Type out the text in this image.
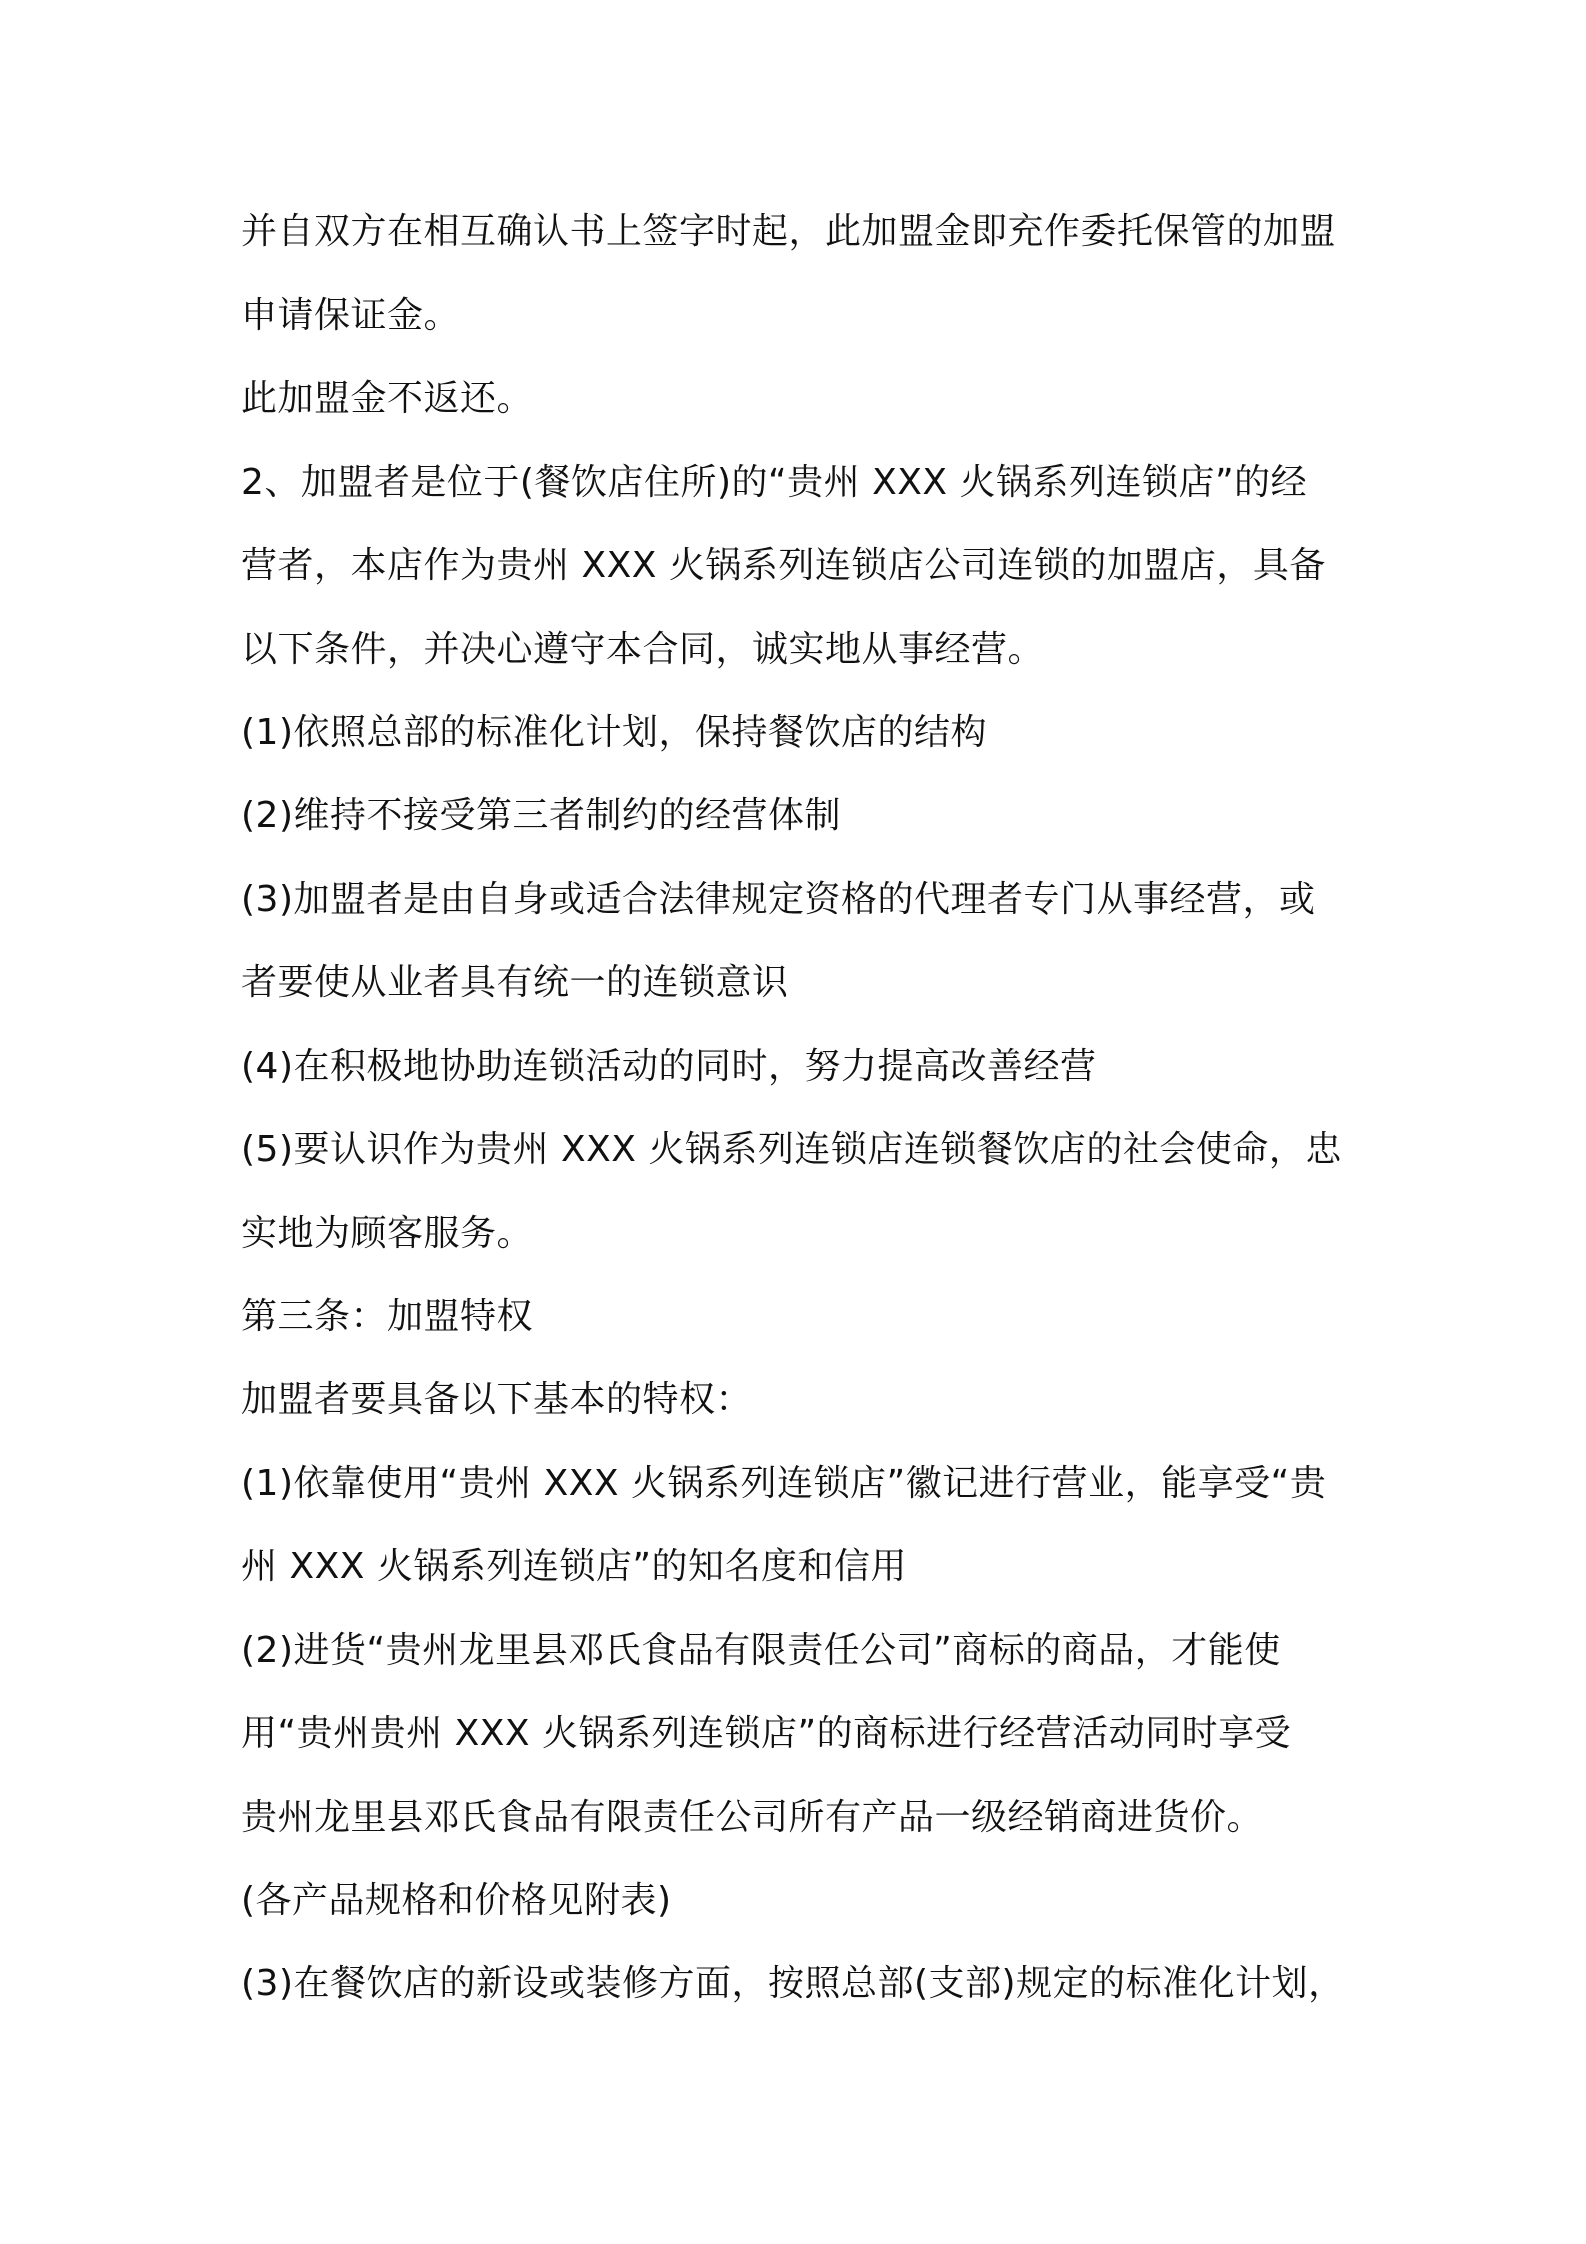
并自双方在相互确认书上签字时起，此加盟金即充作委托保管的加盟
申请保证金。
此加盟金不返还。
2、加盟者是位于(餐饮店住所)的“贵州 XXX 火锅系列连锁店”的经
营者，本店作为贵州 XXX 火锅系列连锁店公司连锁的加盟店，具备
以下条件，并决心遵守本合同，诚实地从事经营。
(1)依照总部的标准化计划，保持餐饮店的结构
(2)维持不接受第三者制约的经营体制
(3)加盟者是由自身或适合法律规定资格的代理者专门从事经营，或
者要使从业者具有统一的连锁意识
(4)在积极地协助连锁活动的同时，努力提高改善经营
(5)要认识作为贵州 XXX 火锅系列连锁店连锁餐饮店的社会使命，忠
实地为顾客服务。
第三条：加盟特权
加盟者要具备以下基本的特权：
(1)依靠使用“贵州 XXX 火锅系列连锁店”徽记进行营业，能享受“贵
州 XXX 火锅系列连锁店”的知名度和信用
(2)进货“贵州龙里县邓氏食品有限责任公司”商标的商品，才能使
用“贵州贵州 XXX 火锅系列连锁店”的商标进行经营活动同时享受
贵州龙里县邓氏食品有限责任公司所有产品一级经销商进货价。
(各产品规格和价格见附表)
(3)在餐饮店的新设或装修方面，按照总部(支部)规定的标准化计划，
